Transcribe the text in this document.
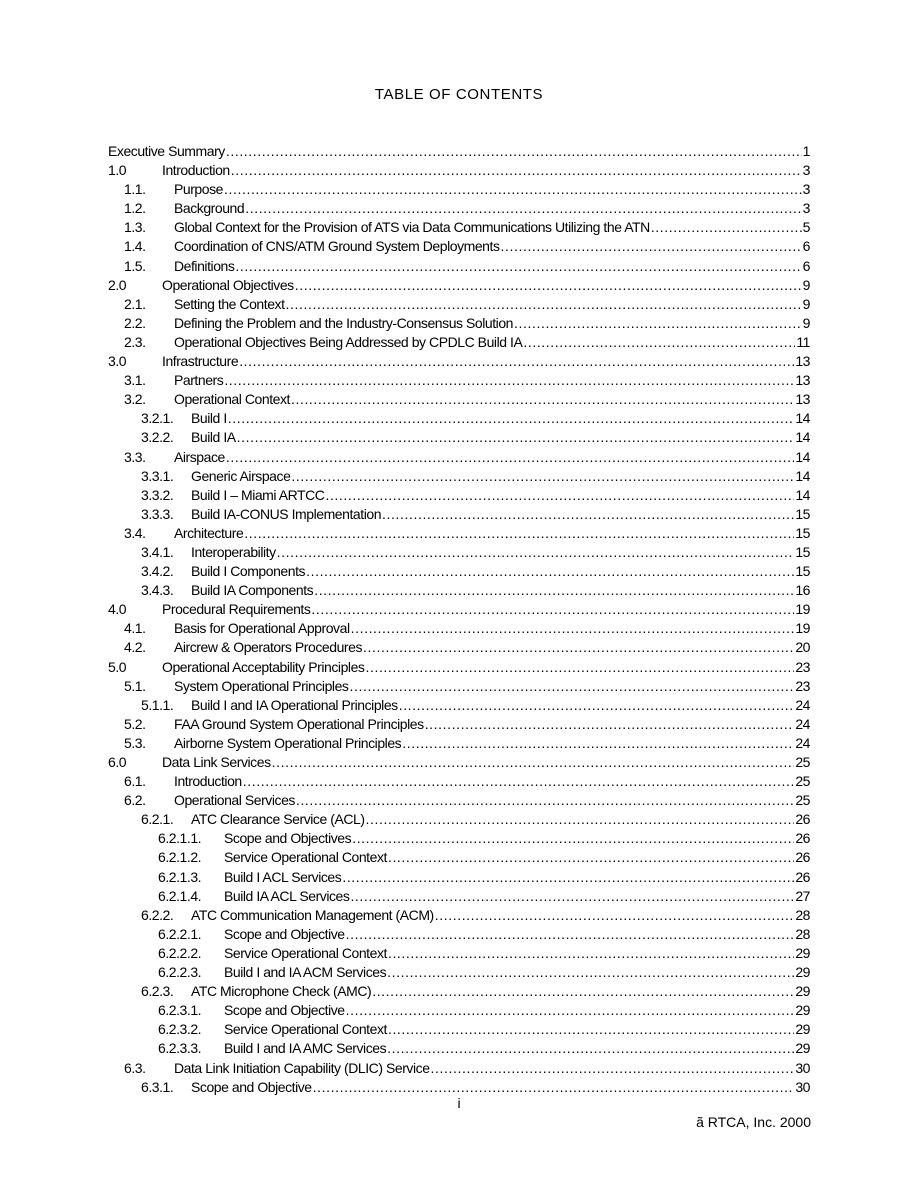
TABLE OF CONTENTS
Executive Summary .....	1
1.0	Introduction .....	3
1.1.	Purpose .....	3
1.2.	Background .....	3
1.3.	Global Context for the Provision of ATS via Data Communications Utilizing the ATN .....	5
1.4.	Coordination of CNS/ATM Ground System Deployments .....	6
1.5.	Definitions .....	6
2.0	Operational Objectives .....	9
2.1.	Setting the Context .....	9
2.2.	Defining the Problem and the Industry-Consensus Solution .....	9
2.3.	Operational Objectives Being Addressed by CPDLC Build IA .....	11
3.0	Infrastructure .....	13
3.1.	Partners .....	13
3.2.	Operational Context .....	13
3.2.1.	Build I .....	14
3.2.2.	Build IA .....	14
3.3.	Airspace .....	14
3.3.1.	Generic Airspace .....	14
3.3.2.	Build I – Miami ARTCC .....	14
3.3.3.	Build IA-CONUS Implementation .....	15
3.4.	Architecture .....	15
3.4.1.	Interoperability .....	15
3.4.2.	Build I Components .....	15
3.4.3.	Build IA Components .....	16
4.0	Procedural Requirements .....	19
4.1.	Basis for Operational Approval .....	19
4.2.	Aircrew & Operators Procedures .....	20
5.0	Operational Acceptability Principles .....	23
5.1.	System Operational Principles .....	23
5.1.1.	Build I and IA Operational Principles .....	24
5.2.	FAA Ground System Operational Principles .....	24
5.3.	Airborne System Operational Principles .....	24
6.0	Data Link Services .....	25
6.1.	Introduction .....	25
6.2.	Operational Services .....	25
6.2.1.	ATC Clearance Service (ACL) .....	26
6.2.1.1.	Scope and Objectives .....	26
6.2.1.2.	Service Operational Context .....	26
6.2.1.3.	Build I ACL Services .....	26
6.2.1.4.	Build IA ACL Services .....	27
6.2.2.	ATC Communication Management (ACM) .....	28
6.2.2.1.	Scope and Objective .....	28
6.2.2.2.	Service Operational Context .....	29
6.2.2.3.	Build I and IA ACM Services .....	29
6.2.3.	ATC Microphone Check (AMC) .....	29
6.2.3.1.	Scope and Objective .....	29
6.2.3.2.	Service Operational Context .....	29
6.2.3.3.	Build I and IA AMC Services .....	29
6.3.	Data Link Initiation Capability (DLIC) Service .....	30
6.3.1.	Scope and Objective .....	30
i
ã RTCA, Inc. 2000
